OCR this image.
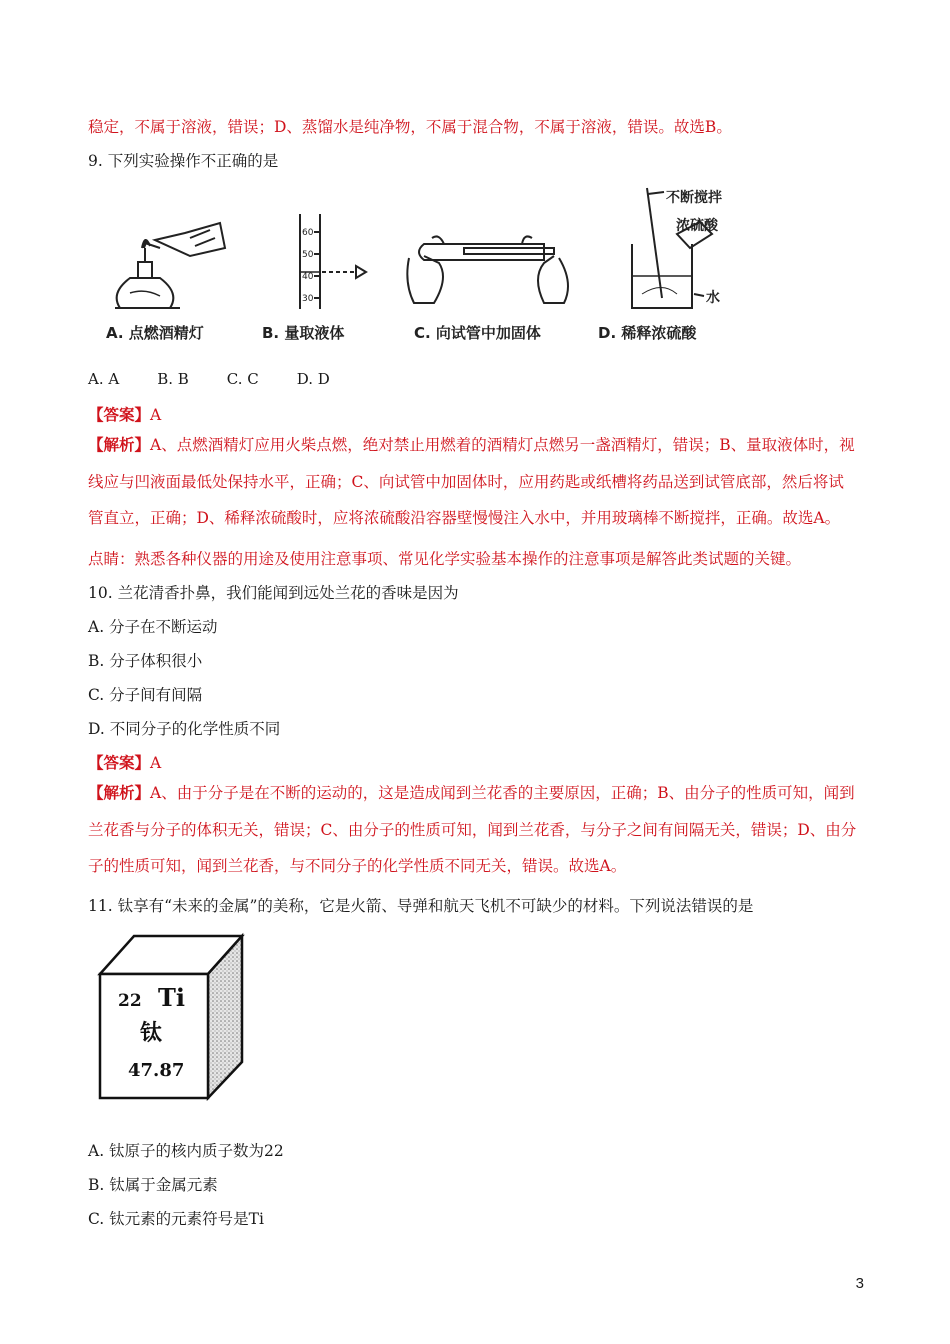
稳定，不属于溶液，错误；D、蒸馏水是纯净物，不属于混合物，不属于溶液，错误。故选B。
9. 下列实验操作不正确的是
A. 点燃酒精灯
60
50
40
30
B. 量取液体	C. 向试管中加固体
不断搅拌
浓硫酸
水
D. 稀释浓硫酸
A. A	B. B	C. C	D. D
【答案】A
【解析】A、点燃酒精灯应用火柴点燃，绝对禁止用燃着的酒精灯点燃另一盏酒精灯，错误；B、量取液体时，视
线应与凹液面最低处保持水平，正确；C、向试管中加固体时，应用药匙或纸槽将药品送到试管底部，然后将试
管直立，正确；D、稀释浓硫酸时，应将浓硫酸沿容器壁慢慢注入水中，并用玻璃棒不断搅拌，正确。故选A。
点睛：熟悉各种仪器的用途及使用注意事项、常见化学实验基本操作的注意事项是解答此类试题的关键。
10. 兰花清香扑鼻，我们能闻到远处兰花的香味是因为
A. 分子在不断运动
B. 分子体积很小
C. 分子间有间隔
D. 不同分子的化学性质不同
【答案】A
【解析】A、由于分子是在不断的运动的，这是造成闻到兰花香的主要原因，正确；B、由分子的性质可知，闻到
兰花香与分子的体积无关，错误；C、由分子的性质可知，闻到兰花香，与分子之间有间隔无关，错误；D、由分
子的性质可知，闻到兰花香，与不同分子的化学性质不同无关，错误。故选A。
11. 钛享有“未来的金属”的美称，它是火箭、导弹和航天飞机不可缺少的材料。下列说法错误的是
22 Ti
钛
47.87
A. 钛原子的核内质子数为22
B. 钛属于金属元素
C. 钛元素的元素符号是Ti
3
